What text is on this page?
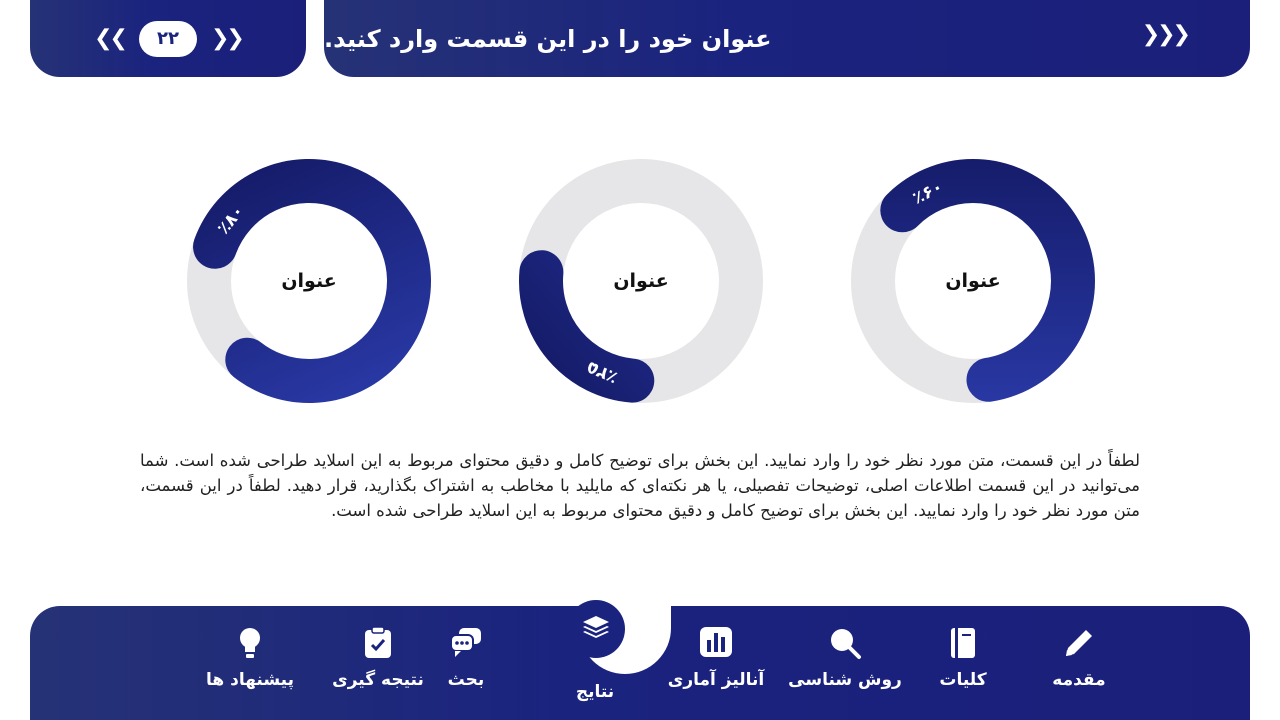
❮❮	۲۲	❯❯	عنوان خود را در این قسمت وارد کنید.	❮❮❮
٪۸۰
عنوان
٪۲۵
عنوان
٪۶۰
عنوان
لطفاً در این قسمت، متن مورد نظر خود را وارد نمایید. این بخش برای توضیح کامل و دقیق محتوای مربوط به این اسلاید طراحی شده است. شما می‌توانید در این قسمت اطلاعات اصلی، توضیحات تفصیلی، یا هر نکته‌ای که مایلید با مخاطب به اشتراک بگذارید، قرار دهید. لطفاً در این قسمت، متن مورد نظر خود را وارد نمایید. این بخش برای توضیح کامل و دقیق محتوای مربوط به این اسلاید طراحی شده است.
پیشنهاد ها	نتیجه گیری	بحث	آنالیز آماری	روش شناسی	کلیات	مقدمه
نتایج
